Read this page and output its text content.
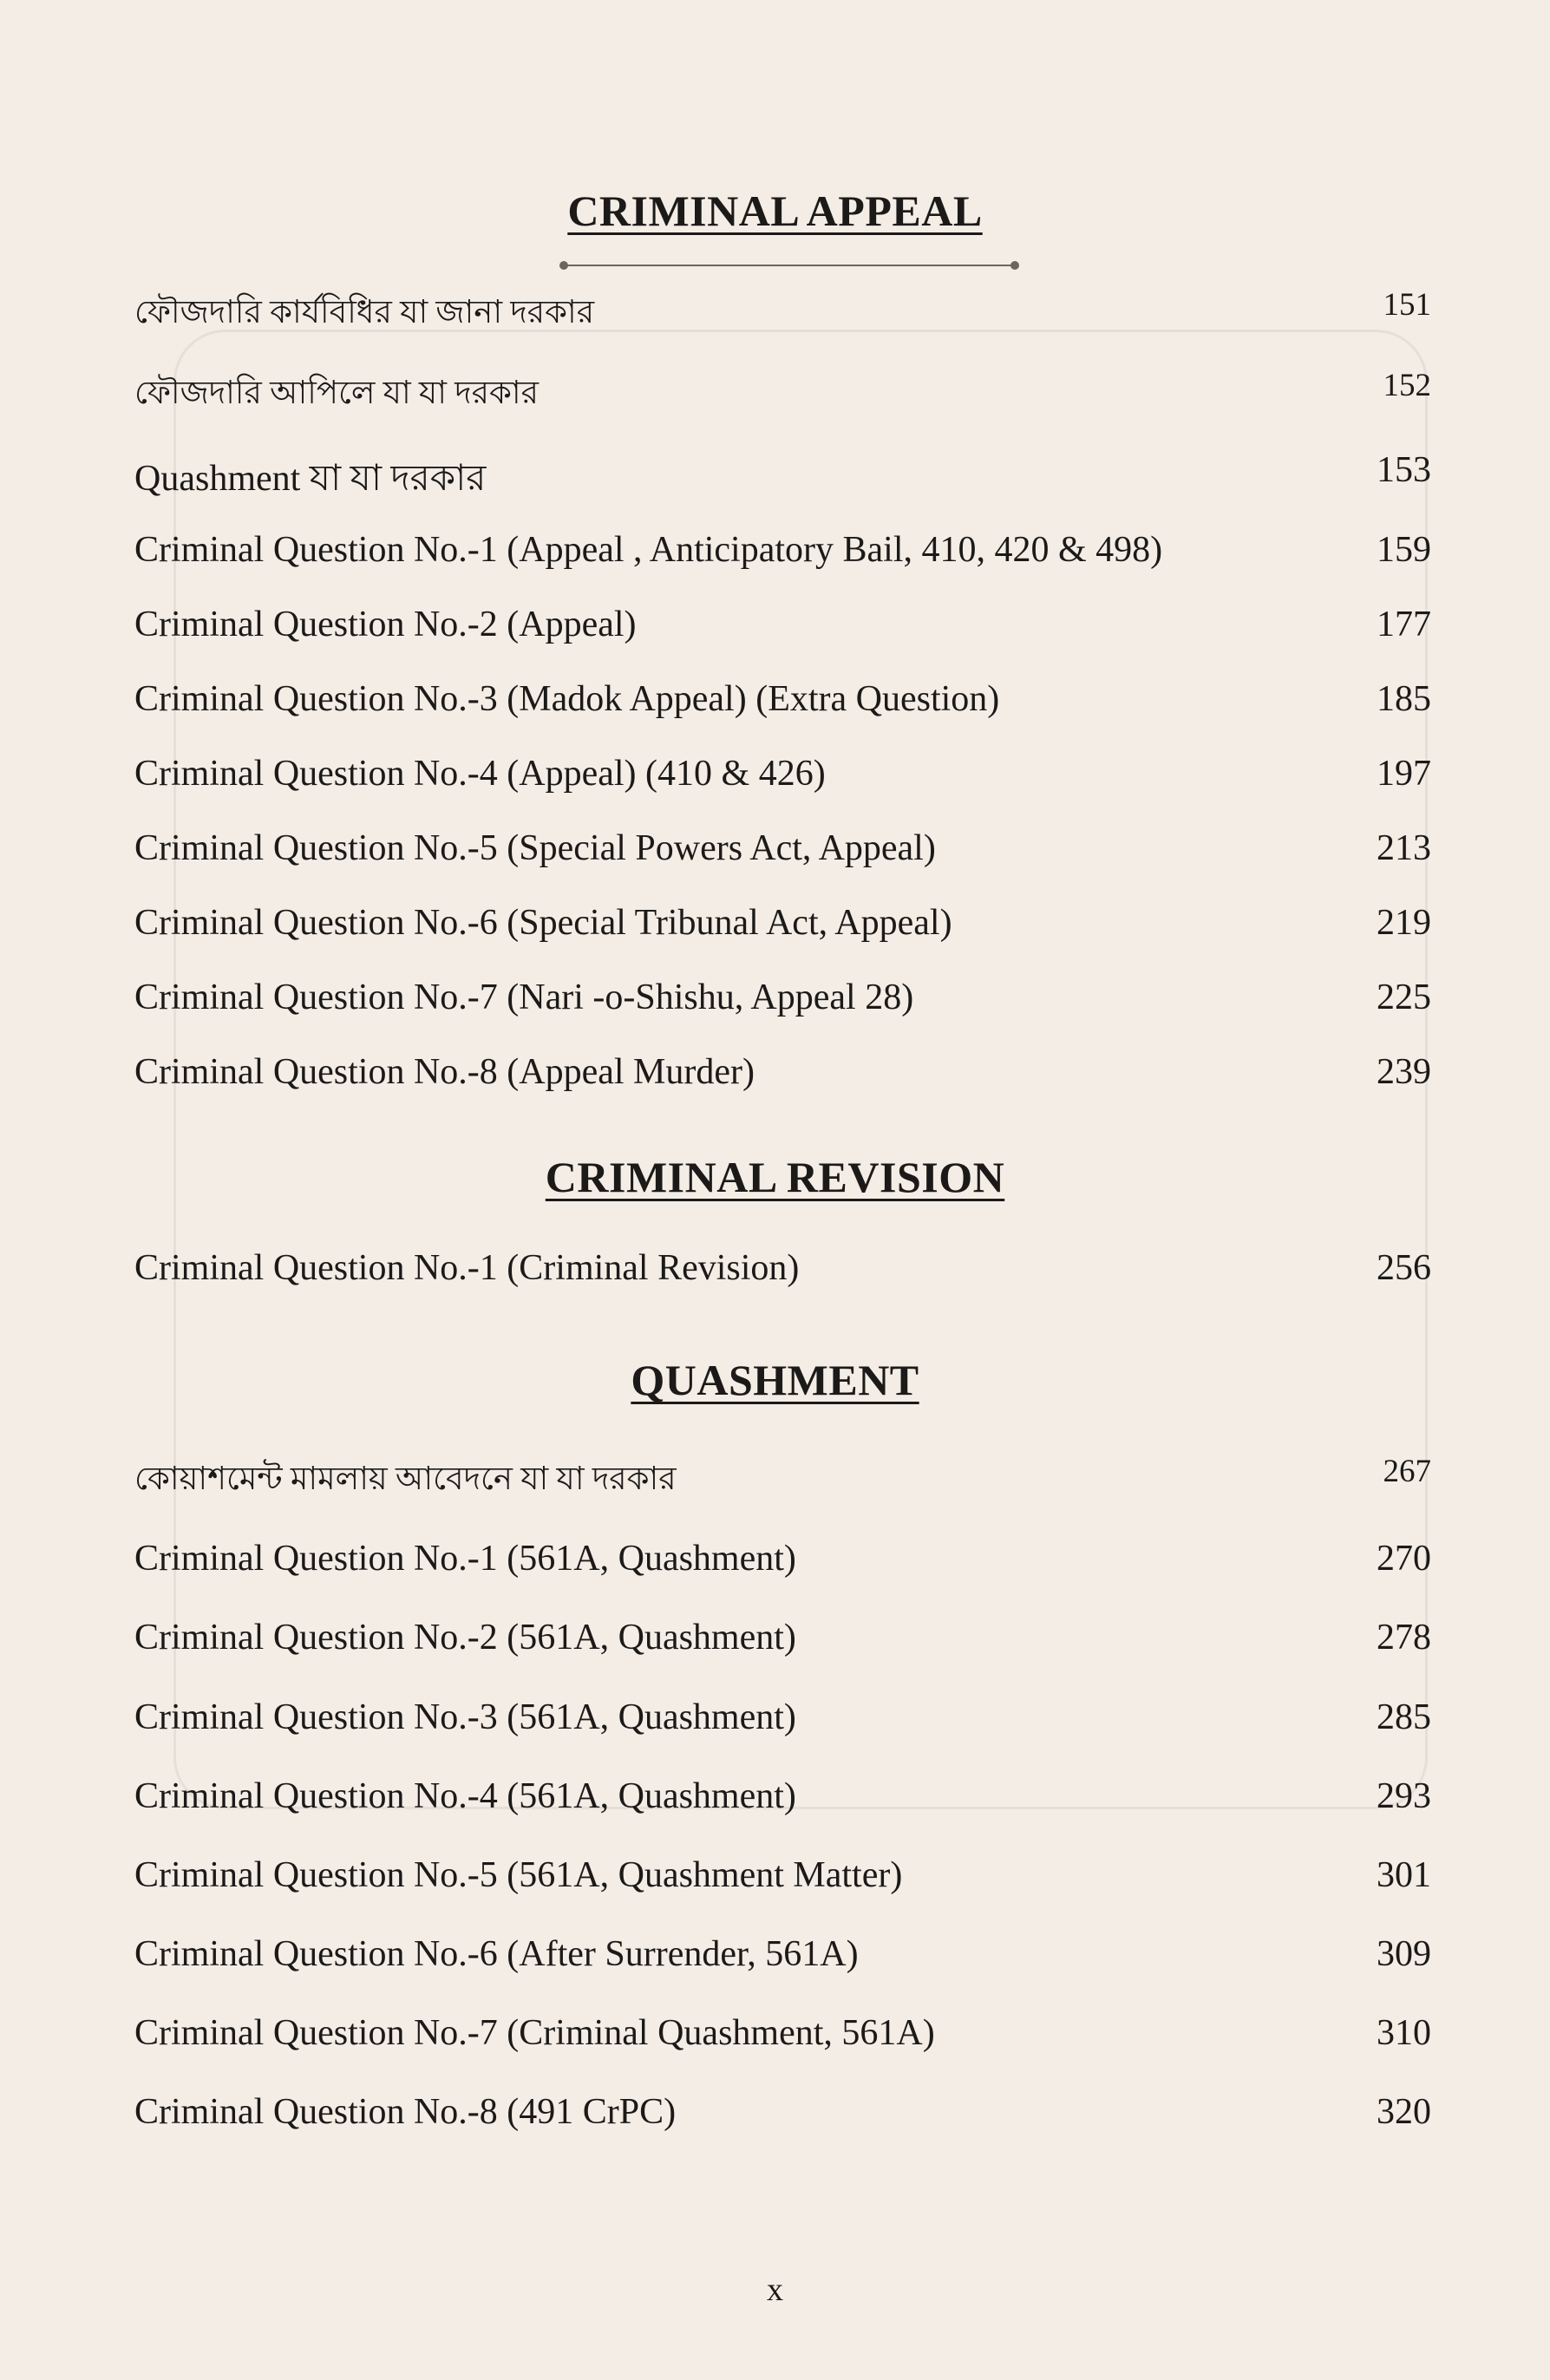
CRIMINAL APPEAL
ফৌজদারি কার্যবিধির যা জানা দরকার	151
ফৌজদারি আপিলে যা যা দরকার	152
Quashment যা যা দরকার	153
Criminal Question No.-1 (Appeal , Anticipatory Bail, 410, 420 & 498)	159
Criminal Question No.-2 (Appeal)	177
Criminal Question No.-3 (Madok Appeal) (Extra Question)	185
Criminal Question No.-4 (Appeal) (410 & 426)	197
Criminal Question No.-5 (Special Powers Act, Appeal)	213
Criminal Question No.-6 (Special Tribunal Act, Appeal)	219
Criminal Question No.-7 (Nari -o-Shishu, Appeal 28)	225
Criminal Question No.-8 (Appeal Murder)	239
CRIMINAL REVISION
Criminal Question No.-1 (Criminal Revision)	256
QUASHMENT
কোয়াশমেন্ট মামলায় আবেদনে যা যা দরকার	267
Criminal Question No.-1 (561A, Quashment)	270
Criminal Question No.-2 (561A, Quashment)	278
Criminal Question No.-3 (561A, Quashment)	285
Criminal Question No.-4 (561A, Quashment)	293
Criminal Question No.-5 (561A, Quashment Matter)	301
Criminal Question No.-6 (After Surrender, 561A)	309
Criminal Question No.-7 (Criminal Quashment, 561A)	310
Criminal Question No.-8 (491 CrPC)	320
x
